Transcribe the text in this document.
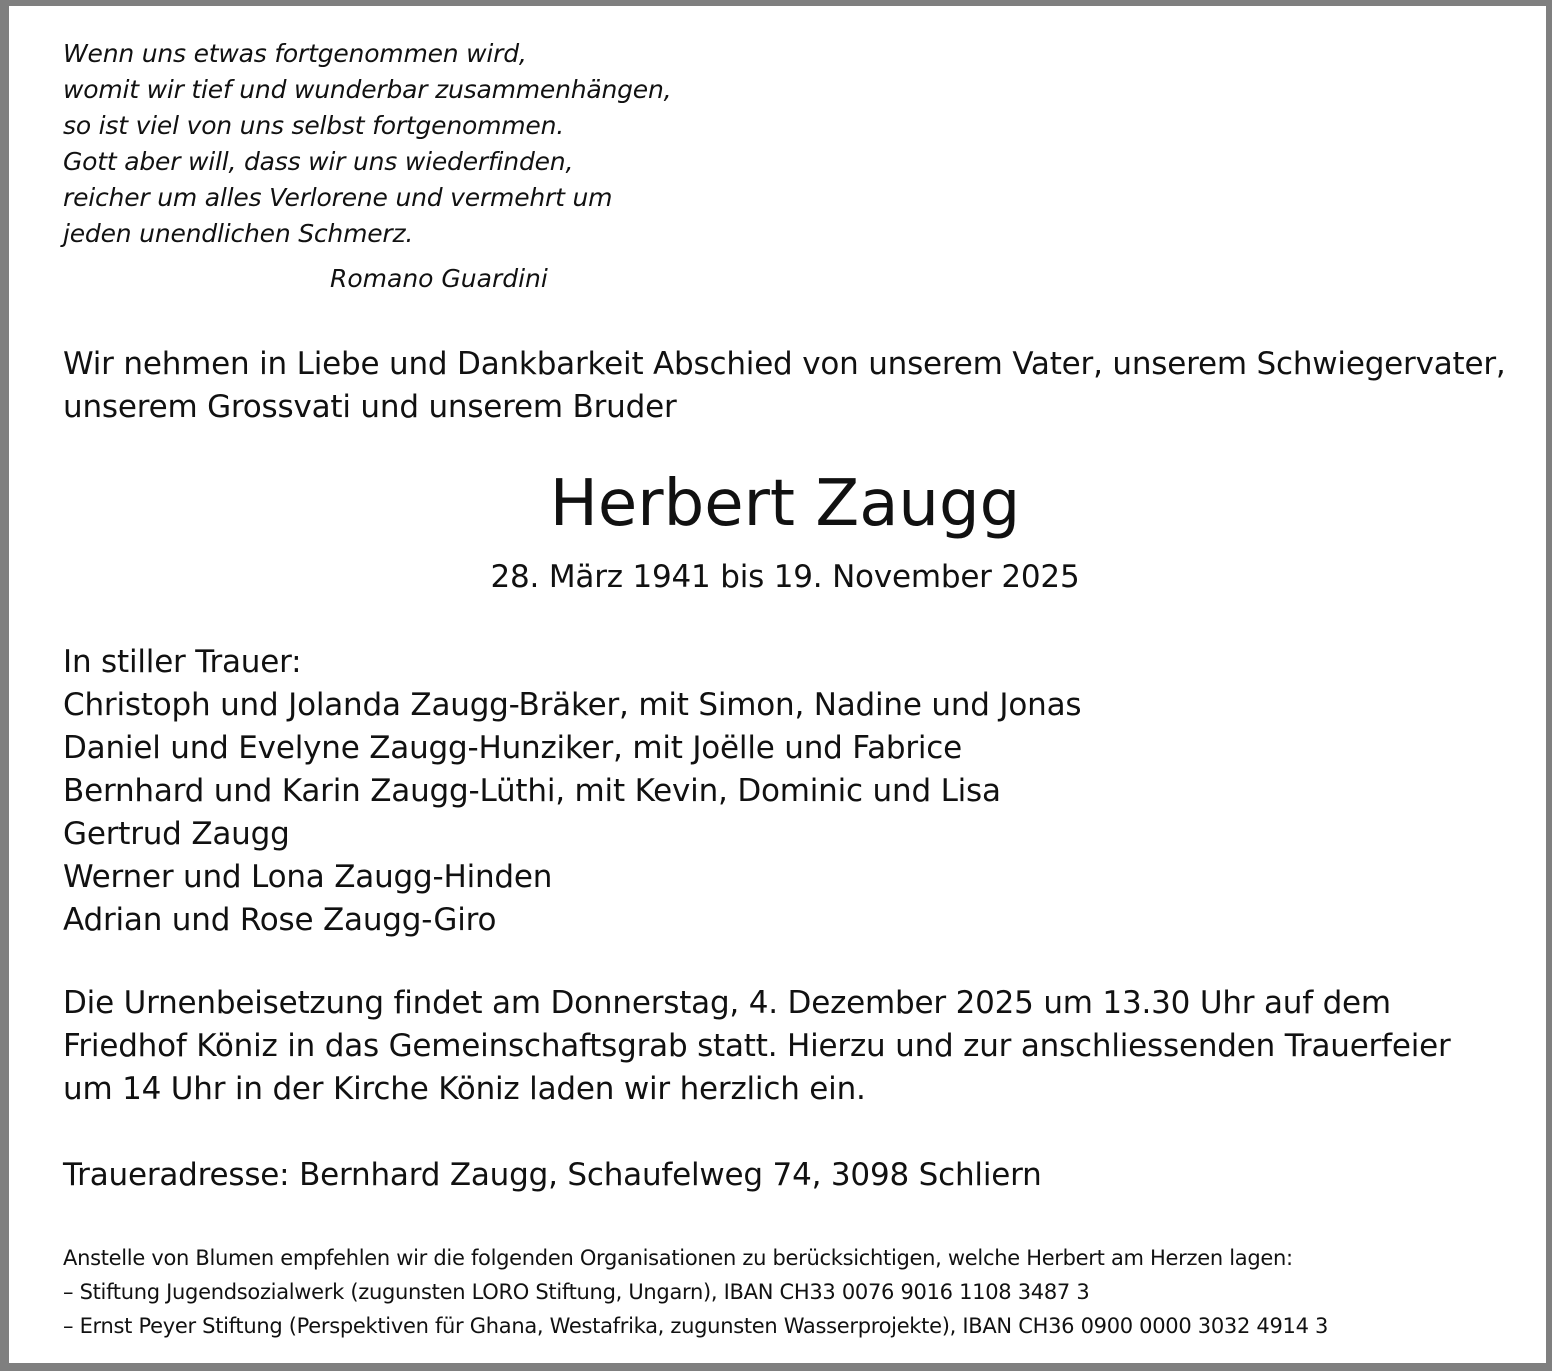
Wenn uns etwas fortgenommen wird,
womit wir tief und wunderbar zusammenhängen,
so ist viel von uns selbst fortgenommen.
Gott aber will, dass wir uns wiederfinden,
reicher um alles Verlorene und vermehrt um
jeden unendlichen Schmerz.
Romano Guardini
Wir nehmen in Liebe und Dankbarkeit Abschied von unserem Vater, unserem Schwiegervater,
unserem Grossvati und unserem Bruder
Herbert Zaugg
28. März 1941 bis 19. November 2025
In stiller Trauer:
Christoph und Jolanda Zaugg-Bräker, mit Simon, Nadine und Jonas
Daniel und Evelyne Zaugg-Hunziker, mit Joëlle und Fabrice
Bernhard und Karin Zaugg-Lüthi, mit Kevin, Dominic und Lisa
Gertrud Zaugg
Werner und Lona Zaugg-Hinden
Adrian und Rose Zaugg-Giro
Die Urnenbeisetzung findet am Donnerstag, 4. Dezember 2025 um 13.30 Uhr auf dem
Friedhof Köniz in das Gemeinschaftsgrab statt. Hierzu und zur anschliessenden Trauerfeier
um 14 Uhr in der Kirche Köniz laden wir herzlich ein.
Traueradresse: Bernhard Zaugg, Schaufelweg 74, 3098 Schliern
Anstelle von Blumen empfehlen wir die folgenden Organisationen zu berücksichtigen, welche Herbert am Herzen lagen:
– Stiftung Jugendsozialwerk (zugunsten LORO Stiftung, Ungarn), IBAN CH33 0076 9016 1108 3487 3
– Ernst Peyer Stiftung (Perspektiven für Ghana, Westafrika, zugunsten Wasserprojekte), IBAN CH36 0900 0000 3032 4914 3
